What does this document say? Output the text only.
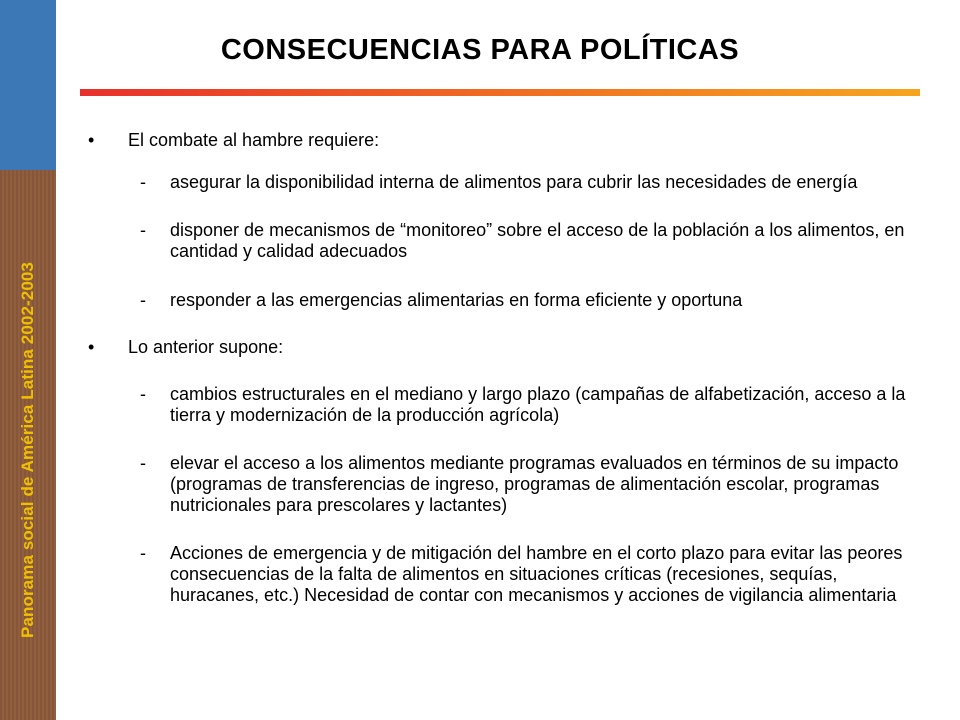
Panorama social de América Latina 2002-2003
CONSECUENCIAS PARA POLÍTICAS
• El combate al hambre requiere:
- asegurar la disponibilidad interna de alimentos para cubrir las necesidades de energía
- disponer de mecanismos de “monitoreo” sobre el acceso de la población a los alimentos, en cantidad y calidad adecuados
- responder a las emergencias alimentarias en forma eficiente y oportuna
• Lo anterior supone:
- cambios estructurales en el mediano y largo plazo (campañas de alfabetización, acceso a la tierra y modernización de la producción agrícola)
- elevar el acceso a los alimentos mediante programas evaluados en términos de su impacto (programas de transferencias de ingreso, programas de alimentación escolar, programas nutricionales para prescolares y lactantes)
- Acciones de emergencia y de mitigación del hambre en el corto plazo para evitar las peores consecuencias de la falta de alimentos en situaciones críticas (recesiones, sequías, huracanes, etc.) Necesidad de contar con mecanismos y acciones de vigilancia alimentaria
